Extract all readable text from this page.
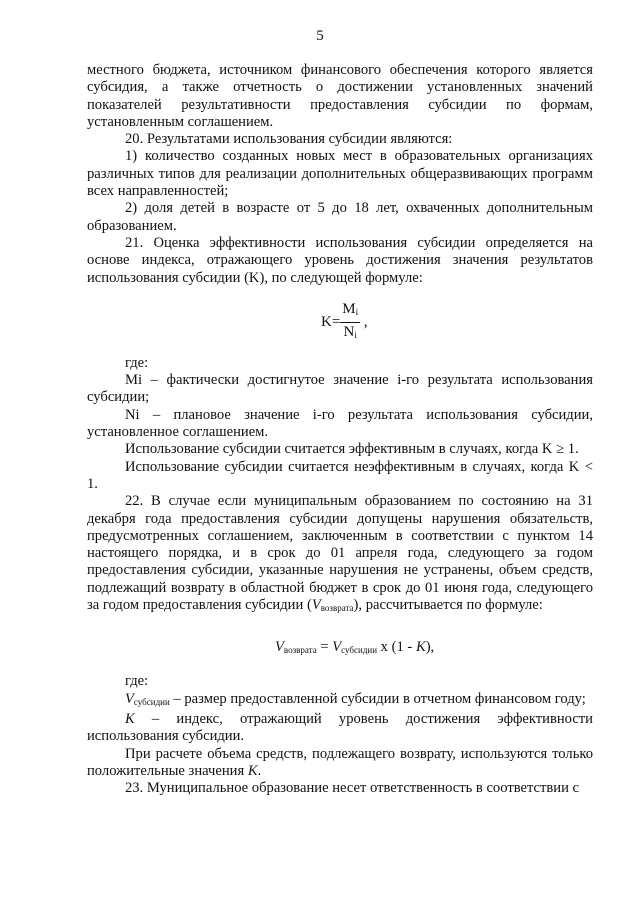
5

местного бюджета, источником финансового обеспечения которого является субсидия, а также отчетность о достижении установленных значений показателей результативности предоставления субсидии по формам, установленным соглашением.

20. Результатами использования субсидии являются:

1) количество созданных новых мест в образовательных организациях различных типов для реализации дополнительных общеразвивающих программ всех направленностей;

2) доля детей в возрасте от 5 до 18 лет, охваченных дополнительным образованием.

21. Оценка эффективности использования субсидии определяется на основе индекса, отражающего уровень достижения значения результатов использования субсидии (K), по следующей формуле:

$K= \frac{M_i}{N_i}$ ,

где:

Mi – фактически достигнутое значение i-го результата использования субсидии;

Ni – плановое значение i-го результата использования субсидии, установленное соглашением.

Использование субсидии считается эффективным в случаях, когда K ≥ 1.

Использование субсидии считается неэффективным в случаях, когда K < 1.

22. В случае если муниципальным образованием по состоянию на 31 декабря года предоставления субсидии допущены нарушения обязательств, предусмотренных соглашением, заключенным в соответствии с пунктом 14 настоящего порядка, и в срок до 01 апреля года, следующего за годом предоставления субсидии, указанные нарушения не устранены, объем средств, подлежащий возврату в областной бюджет в срок до 01 июня года, следующего за годом предоставления субсидии $(V_{возврата})$, рассчитывается по формуле:

$V_{возврата} = V_{субсидии}$ x (1 - K),

где:

$V_{субсидии}$ – размер предоставленной субсидии в отчетном финансовом году;

K – индекс, отражающий уровень достижения эффективности использования субсидии.

При расчете объема средств, подлежащего возврату, используются только положительные значения K.

23. Муниципальное образование несет ответственность в соответствии с
